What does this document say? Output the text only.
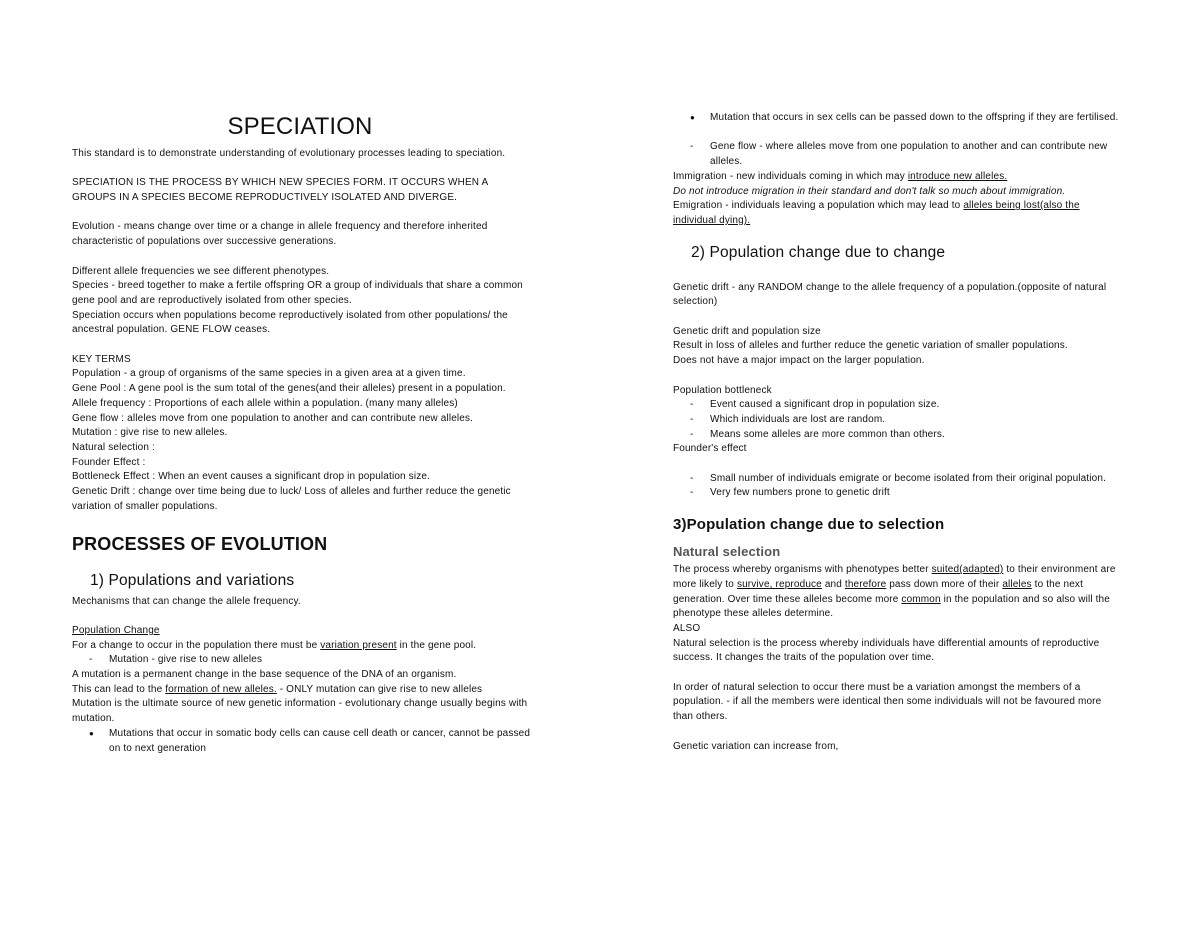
SPECIATION

This standard is to demonstrate understanding of evolutionary processes leading to speciation.

SPECIATION IS THE PROCESS BY WHICH NEW SPECIES FORM. IT OCCURS WHEN A GROUPS IN A SPECIES BECOME REPRODUCTIVELY ISOLATED AND DIVERGE.

Evolution - means change over time or a change in allele frequency and therefore inherited characteristic of populations over successive generations.

Different allele frequencies we see different phenotypes.

Species - breed together to make a fertile offspring OR a group of individuals that share a common gene pool and are reproductively isolated from other species.

Speciation occurs when populations become reproductively isolated from other populations/ the ancestral population. GENE FLOW ceases.

KEY TERMS

Population - a group of organisms of the same species in a given area at a given time.

Gene Pool : A gene pool is the sum total of the genes(and their alleles) present in a population.

Allele frequency : Proportions of each allele within a population. (many many alleles)

Gene flow : alleles move from one population to another and can contribute new alleles.

Mutation : give rise to new alleles.

Natural selection :

Founder Effect :

Bottleneck Effect : When an event causes a significant drop in population size.

Genetic Drift : change over time being due to luck/ Loss of alleles and further reduce the genetic variation of smaller populations.

PROCESSES OF EVOLUTION
1) Populations and variations

Mechanisms that can change the allele frequency.

Population Change

For a change to occur in the population there must be variation present in the gene pool.

- Mutation - give rise to new alleles

A mutation is a permanent change in the base sequence of the DNA of an organism.

This can lead to the formation of new alleles. - ONLY mutation can give rise to new alleles

Mutation is the ultimate source of new genetic information - evolutionary change usually begins with mutation.

● Mutations that occur in somatic body cells can cause cell death or cancer, cannot be passed on to next generation
● Mutation that occurs in sex cells can be passed down to the offspring if they are fertilised.
- Gene flow - where alleles move from one population to another and can contribute new alleles.

Immigration - new individuals coming in which may introduce new alleles.

Do not introduce migration in their standard and don't talk so much about immigration.

Emigration - individuals leaving a population which may lead to alleles being lost(also the individual dying).

2) Population change due to change

Genetic drift - any RANDOM change to the allele frequency of a population.(opposite of natural selection)

Genetic drift and population size

Result in loss of alleles and further reduce the genetic variation of smaller populations.

Does not have a major impact on the larger population.

Population bottleneck

- Event caused a significant drop in population size.
- Which individuals are lost are random.
- Means some alleles are more common than others.

Founder's effect

- Small number of individuals emigrate or become isolated from their original population.
- Very few numbers prone to genetic drift
3)Population change due to selection
Natural selection

The process whereby organisms with phenotypes better suited(adapted) to their environment are more likely to survive, reproduce and therefore pass down more of their alleles to the next generation. Over time these alleles become more common in the population and so also will the phenotype these alleles determine.

ALSO

Natural selection is the process whereby individuals have differential amounts of reproductive success. It changes the traits of the population over time.

In order of natural selection to occur there must be a variation amongst the members of a population. - if all the members were identical then some individuals will not be favoured more than others.

Genetic variation can increase from,
